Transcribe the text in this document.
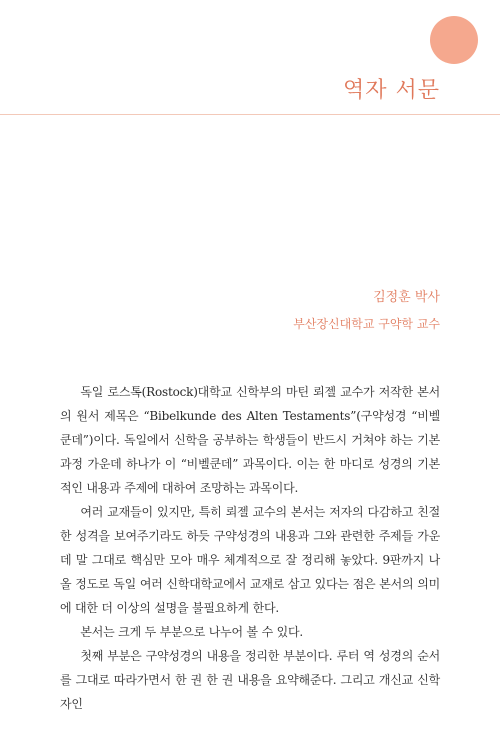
역자 서문
김정훈 박사
부산장신대학교 구약학 교수

독일 로스톡(Rostock)대학교 신학부의 마틴 뢰젤 교수가 저작한 본서의 원서 제목은 “Bibelkunde des Alten Testaments”(구약성경 “비벨쿤데”)이다. 독일에서 신학을 공부하는 학생들이 반드시 거쳐야 하는 기본 과정 가운데 하나가 이 “비벨쿤데” 과목이다. 이는 한 마디로 성경의 기본적인 내용과 주제에 대하여 조망하는 과목이다.

여러 교재들이 있지만, 특히 뢰젤 교수의 본서는 저자의 다감하고 친절한 성격을 보여주기라도 하듯 구약성경의 내용과 그와 관련한 주제들 가운데 말 그대로 핵심만 모아 매우 체계적으로 잘 정리해 놓았다. 9판까지 나올 정도로 독일 여러 신학대학교에서 교재로 삼고 있다는 점은 본서의 의미에 대한 더 이상의 설명을 불필요하게 한다.

본서는 크게 두 부분으로 나누어 볼 수 있다.

첫째 부분은 구약성경의 내용을 정리한 부분이다. 루터 역 성경의 순서를 그대로 따라가면서 한 권 한 권 내용을 요약해준다. 그리고 개신교 신학자인
